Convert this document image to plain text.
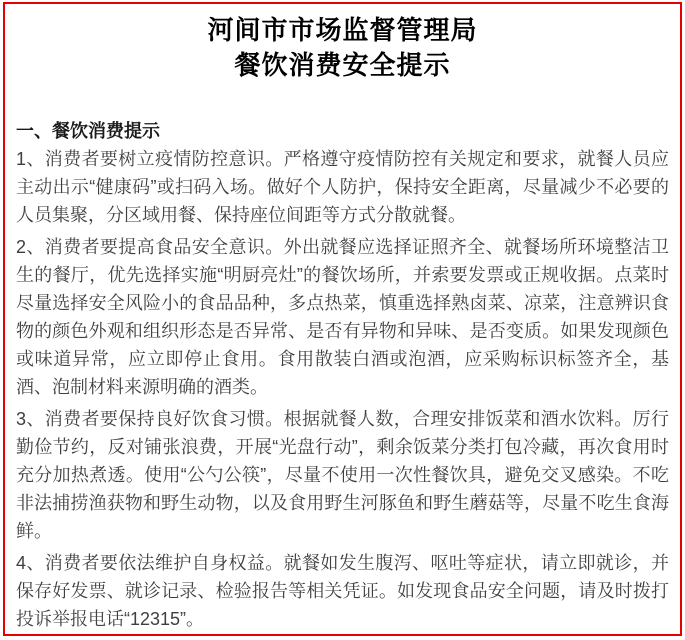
河间市市场监督管理局
餐饮消费安全提示
一、餐饮消费提示

1、消费者要树立疫情防控意识。严格遵守疫情防控有关规定和要求，就餐人员应主动出示“健康码”或扫码入场。做好个人防护，保持安全距离，尽量减少不必要的人员集聚，分区域用餐、保持座位间距等方式分散就餐。

2、消费者要提高食品安全意识。外出就餐应选择证照齐全、就餐场所环境整洁卫生的餐厅，优先选择实施“明厨亮灶”的餐饮场所，并索要发票或正规收据。点菜时尽量选择安全风险小的食品品种，多点热菜，慎重选择熟卤菜、凉菜，注意辨识食物的颜色外观和组织形态是否异常、是否有异物和异味、是否变质。如果发现颜色或味道异常，应立即停止食用。食用散装白酒或泡酒，应采购标识标签齐全，基酒、泡制材料来源明确的酒类。

3、消费者要保持良好饮食习惯。根据就餐人数，合理安排饭菜和酒水饮料。厉行勤俭节约，反对铺张浪费，开展“光盘行动”，剩余饭菜分类打包冷藏，再次食用时充分加热煮透。使用“公勺公筷”，尽量不使用一次性餐饮具，避免交叉感染。不吃非法捕捞渔获物和野生动物，以及食用野生河豚鱼和野生蘑菇等，尽量不吃生食海鲜。

4、消费者要依法维护自身权益。就餐如发生腹泻、呕吐等症状，请立即就诊，并保存好发票、就诊记录、检验报告等相关凭证。如发现食品安全问题，请及时拨打投诉举报电话“12315”。
